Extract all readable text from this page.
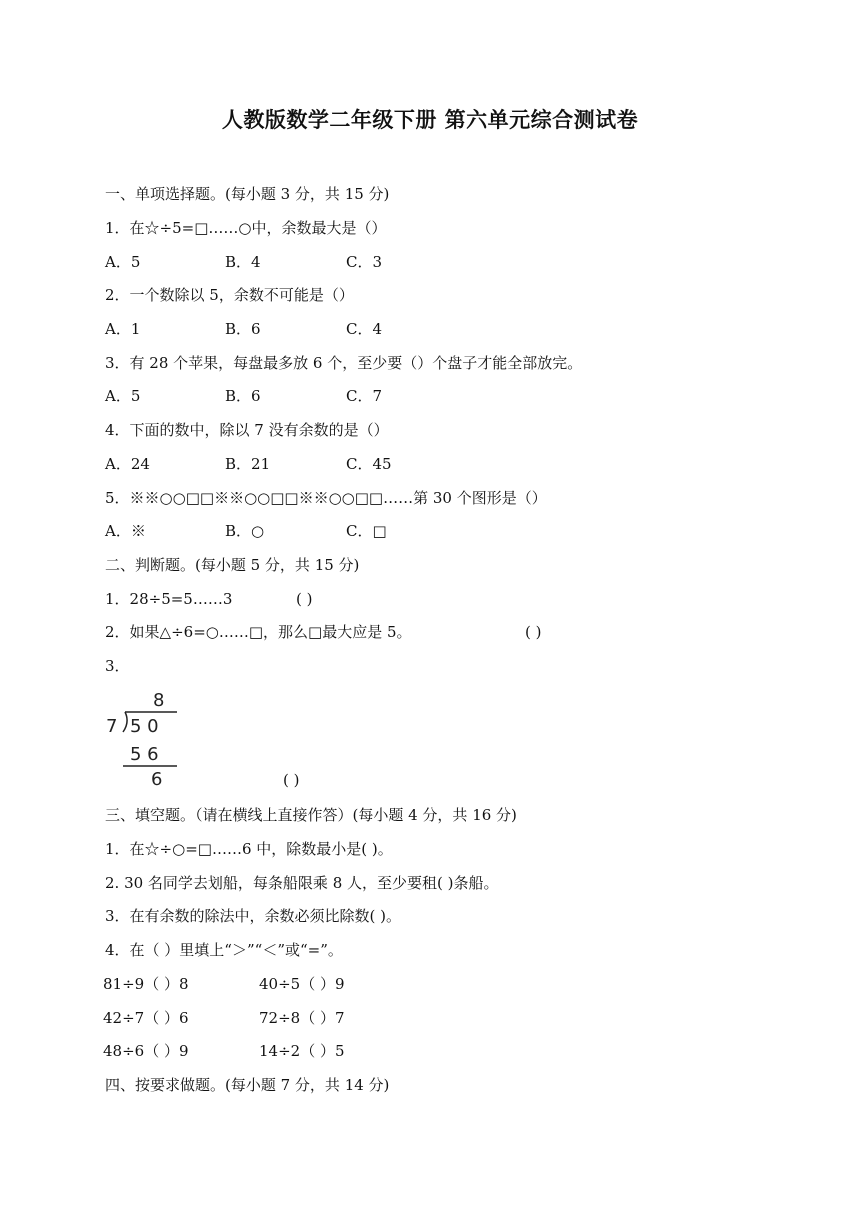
人教版数学二年级下册 第六单元综合测试卷
一、单项选择题。(每小题 3 分，共 15 分)
1．在☆÷5=□……○中，余数最大是（）
A．5	B．4	C．3
2．一个数除以 5，余数不可能是（）
A．1	B．6	C．4
3．有 28 个苹果，每盘最多放 6 个，至少要（）个盘子才能全部放完。
A．5	B．6	C．7
4．下面的数中，除以 7 没有余数的是（）
A．24	B．21	C．45
5．※※○○□□※※○○□□※※○○□□……第 30 个图形是（）
A．※	B．○	C．□
二、判断题。(每小题 5 分，共 15 分)
1．28÷5=5……3	( )
2．如果△÷6=○……□，那么□最大应是 5。	( )
3．
8
7 5 0
5 6
6	( )
三、填空题。（请在横线上直接作答）(每小题 4 分，共 16 分)
1．在☆÷○=□……6 中，除数最小是( )。
2. 30 名同学去划船，每条船限乘 8 人，至少要租( )条船。
3．在有余数的除法中，余数必须比除数( )。
4．在（ ）里填上“＞”“＜”或“=”。
81÷9（ ）8	40÷5（ ）9
42÷7（ ）6	72÷8（ ）7
48÷6（ ）9	14÷2（ ）5
四、按要求做题。(每小题 7 分，共 14 分)
